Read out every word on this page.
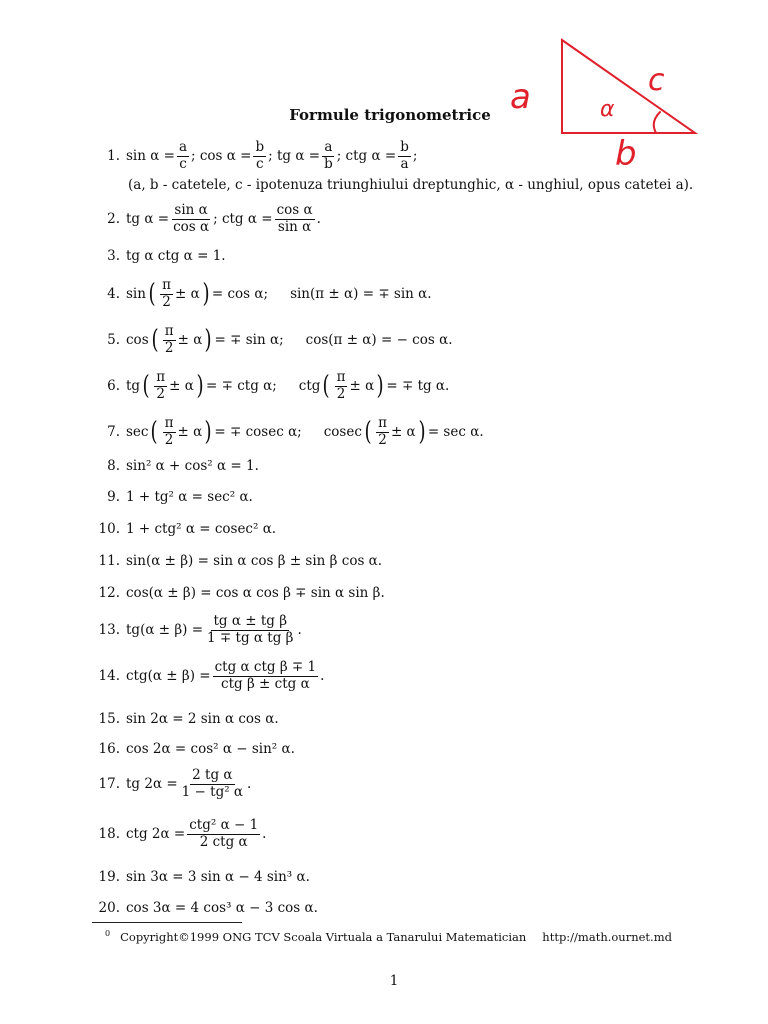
Formule trigonometrice a	c
α
b
1. $\sin \alpha = \frac{a}{c}$ ; $\cos \alpha = \frac{b}{c}$ ; tg $\alpha = \frac{a}{b}$ ; ctg $\alpha = \frac{b}{a}$ ;
(a, b - catetele, c - ipotenuza triunghiului dreptunghic, α - unghiul, opus catetei a).
2. tg $\alpha = \frac{\text{sin α}}{\text{cos α}}$ ; ctg $\alpha = \frac{\text{cos α}}{\text{sin α}}$ .
3. tg α ctg α = 1.
4. sin ( $\frac{\pi}{2} \pm \alpha$ ) = cos α; sin(π ± α) = ∓ sin α.
5. cos ( $\frac{\pi}{2} \pm \alpha$ ) = ∓ sin α; cos(π ± α) = − cos α.
6. tg ( $\frac{\pi}{2} \pm \alpha$ ) = ∓ ctg α; ctg ( $\frac{\pi}{2} \pm \alpha$ ) = ∓ tg α.
7. sec ( $\frac{\pi}{2} \pm \alpha$ ) = ∓ cosec α; cosec ( $\frac{\pi}{2} \pm \alpha$ ) = sec α.
8. sin² α + cos² α = 1.
9. 1 + tg² α = sec² α.
10. 1 + ctg² α = cosec² α.
11. sin(α ± β) = sin α cos β ± sin β cos α.
12. cos(α ± β) = cos α cos β ∓ sin α sin β.
13. $tg(\alpha \pm \beta) = \frac{\text{tg α ± tg β}}{\text{1 ∓ tg α tg β}}$ .
14. $ctg(\alpha \pm \beta) = \frac{\text{ctg α ctg β ∓ 1}}{\text{ctg β ± ctg α}}$ .
15. sin 2α = 2 sin α cos α.
16. cos 2α = cos² α − sin² α.
17. tg $2\alpha = \frac{\text{2 tg α}}{\text{1 − tg² α}}$ .
18. ctg $2\alpha = \frac{\text{ctg² α − 1}}{\text{2 ctg α}}$ .
19. sin 3α = 3 sin α − 4 sin³ α.
20. cos 3α = 4 cos³ α − 3 cos α.
$^0$ Copyright©1999 ONG TCV Scoala Virtuala a Tanarului Matematician http://math.ournet.md
1
